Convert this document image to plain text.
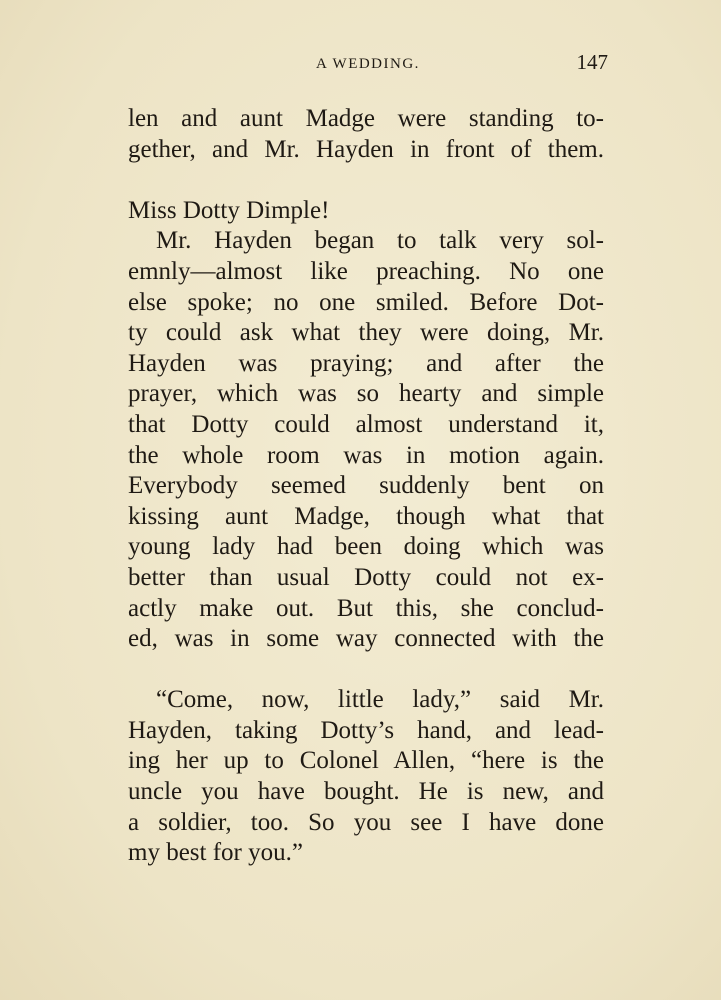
A WEDDING.	147
len and aunt Madge were standing to-
gether, and Mr. Hayden in front of them.
Miss Dotty Dimple!
Mr. Hayden began to talk very sol-
emnly—almost like preaching. No one
else spoke; no one smiled. Before Dot-
ty could ask what they were doing, Mr.
Hayden was praying; and after the
prayer, which was so hearty and simple
that Dotty could almost understand it,
the whole room was in motion again.
Everybody seemed suddenly bent on
kissing aunt Madge, though what that
young lady had been doing which was
better than usual Dotty could not ex-
actly make out. But this, she conclud-
ed, was in some way connected with the
“Come, now, little lady,” said Mr.
Hayden, taking Dotty’s hand, and lead-
ing her up to Colonel Allen, “here is the
uncle you have bought. He is new, and
a soldier, too. So you see I have done
my best for you.”
